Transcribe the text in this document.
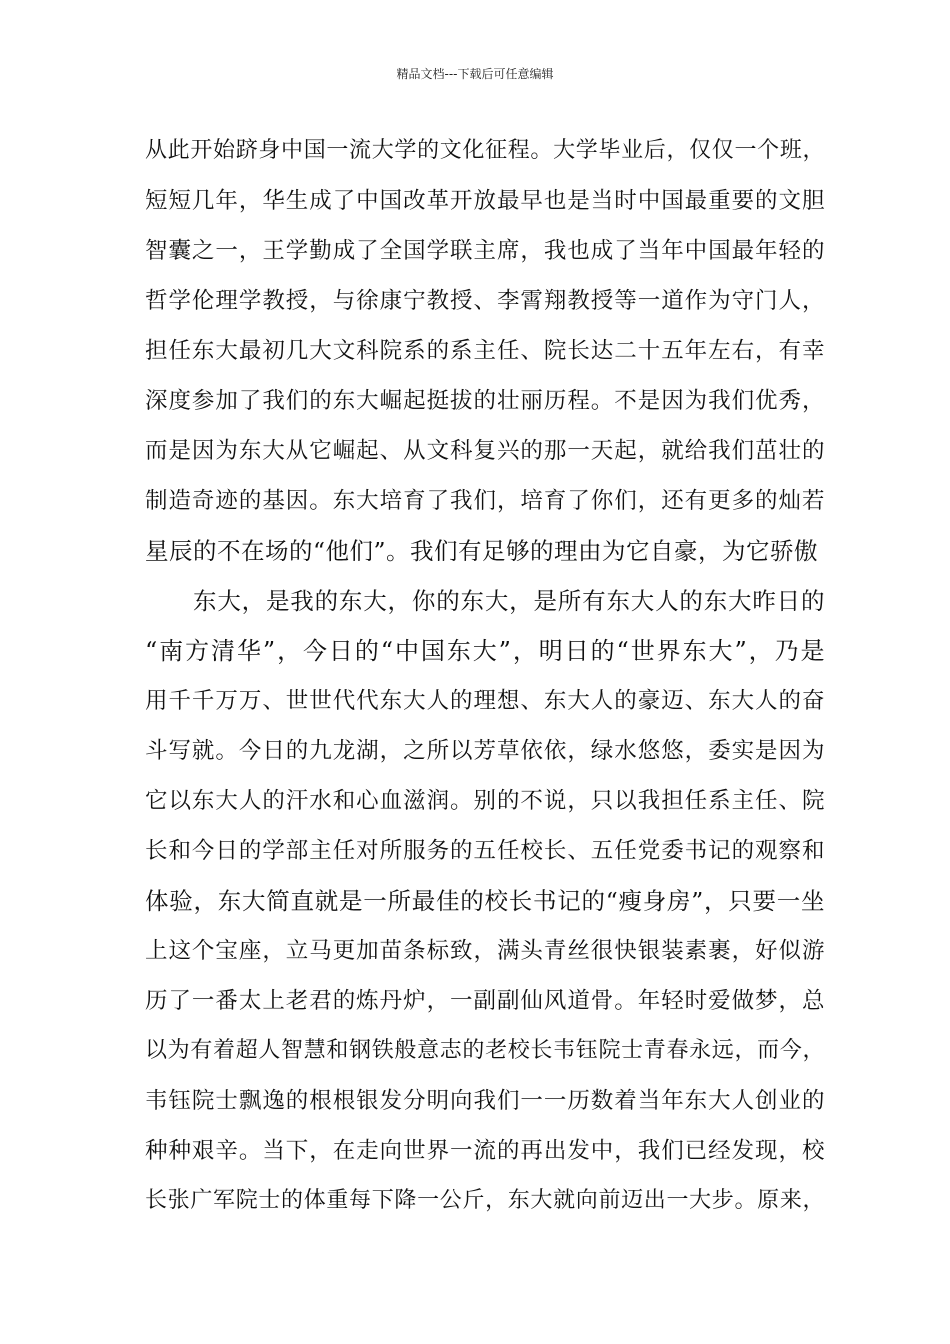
精品文档---下载后可任意编辑
从此开始跻身中国一流大学的文化征程。大学毕业后，仅仅一个班，
短短几年，华生成了中国改革开放最早也是当时中国最重要的文胆
智囊之一，王学勤成了全国学联主席，我也成了当年中国最年轻的
哲学伦理学教授，与徐康宁教授、李霄翔教授等一道作为守门人，
担任东大最初几大文科院系的系主任、院长达二十五年左右，有幸
深度参加了我们的东大崛起挺拔的壮丽历程。不是因为我们优秀，
而是因为东大从它崛起、从文科复兴的那一天起，就给我们茁壮的
制造奇迹的基因。东大培育了我们，培育了你们，还有更多的灿若
星辰的不在场的“他们”。我们有足够的理由为它自豪，为它骄傲
东大，是我的东大，你的东大，是所有东大人的东大昨日的
“南方清华”，今日的“中国东大”，明日的“世界东大”，乃是
用千千万万、世世代代东大人的理想、东大人的豪迈、东大人的奋
斗写就。今日的九龙湖，之所以芳草依依，绿水悠悠，委实是因为
它以东大人的汗水和心血滋润。别的不说，只以我担任系主任、院
长和今日的学部主任对所服务的五任校长、五任党委书记的观察和
体验，东大简直就是一所最佳的校长书记的“瘦身房”，只要一坐
上这个宝座，立马更加苗条标致，满头青丝很快银装素裹，好似游
历了一番太上老君的炼丹炉，一副副仙风道骨。年轻时爱做梦，总
以为有着超人智慧和钢铁般意志的老校长韦钰院士青春永远，而今，
韦钰院士飘逸的根根银发分明向我们一一历数着当年东大人创业的
种种艰辛。当下，在走向世界一流的再出发中，我们已经发现，校
长张广军院士的体重每下降一公斤，东大就向前迈出一大步。原来，
